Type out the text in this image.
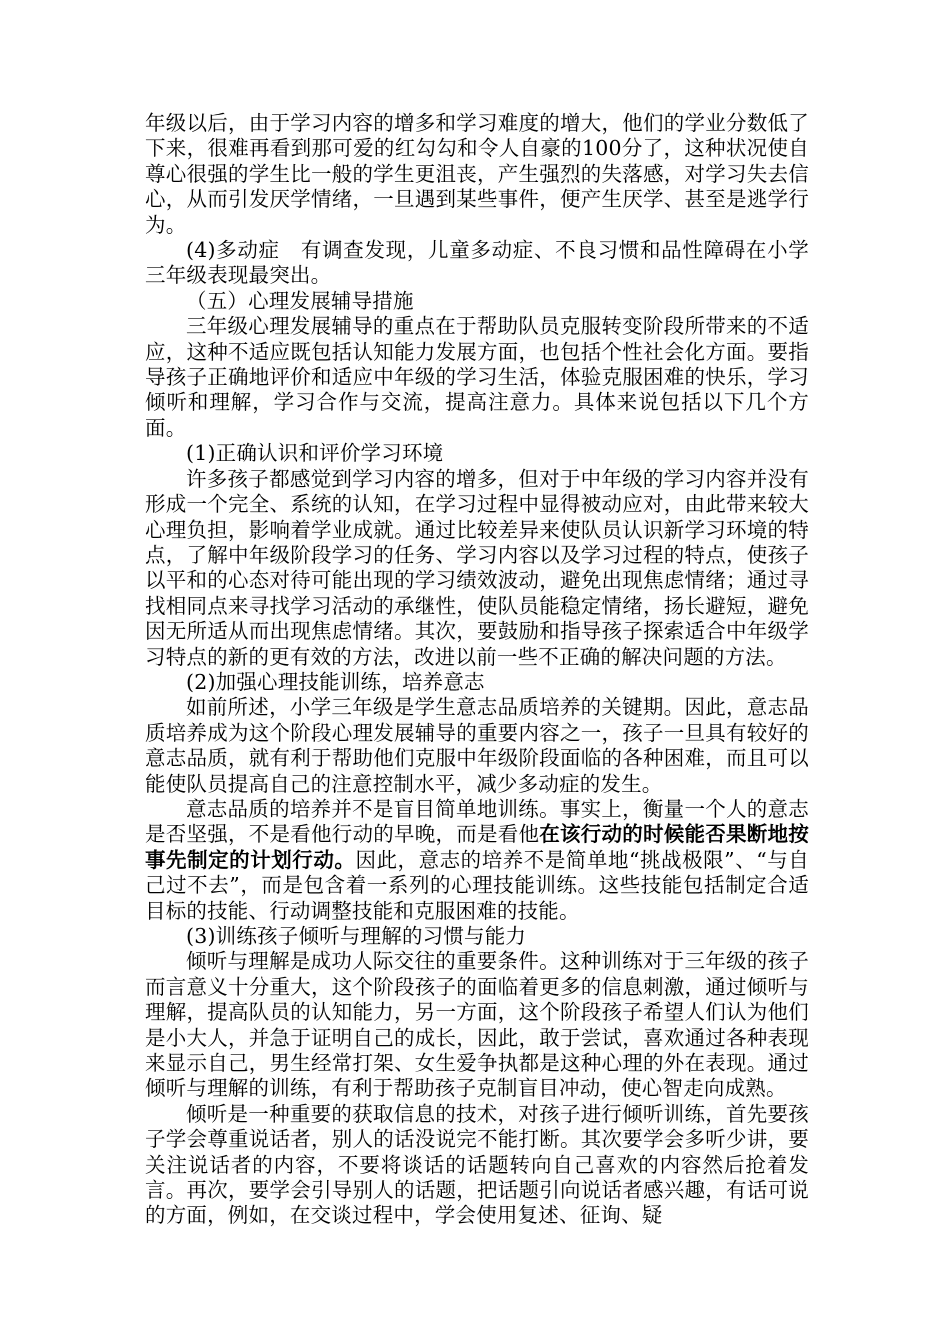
年级以后，由于学习内容的增多和学习难度的增大，他们的学业分数低了下来，很难再看到那可爱的红勾勾和令人自豪的100分了，这种状况使自尊心很强的学生比一般的学生更沮丧，产生强烈的失落感，对学习失去信心，从而引发厌学情绪，一旦遇到某些事件，便产生厌学、甚至是逃学行为。

(4)多动症　有调查发现，儿童多动症、不良习惯和品性障碍在小学三年级表现最突出。

（五）心理发展辅导措施

三年级心理发展辅导的重点在于帮助队员克服转变阶段所带来的不适应，这种不适应既包括认知能力发展方面，也包括个性社会化方面。要指导孩子正确地评价和适应中年级的学习生活，体验克服困难的快乐，学习倾听和理解，学习合作与交流，提高注意力。具体来说包括以下几个方面。

(1)正确认识和评价学习环境

许多孩子都感觉到学习内容的增多，但对于中年级的学习内容并没有形成一个完全、系统的认知，在学习过程中显得被动应对，由此带来较大心理负担，影响着学业成就。通过比较差异来使队员认识新学习环境的特点，了解中年级阶段学习的任务、学习内容以及学习过程的特点，使孩子以平和的心态对待可能出现的学习绩效波动，避免出现焦虑情绪；通过寻找相同点来寻找学习活动的承继性，使队员能稳定情绪，扬长避短，避免因无所适从而出现焦虑情绪。其次，要鼓励和指导孩子探索适合中年级学习特点的新的更有效的方法，改进以前一些不正确的解决问题的方法。

(2)加强心理技能训练，培养意志

如前所述，小学三年级是学生意志品质培养的关键期。因此，意志品质培养成为这个阶段心理发展辅导的重要内容之一，孩子一旦具有较好的意志品质，就有利于帮助他们克服中年级阶段面临的各种困难，而且可以能使队员提高自己的注意控制水平，减少多动症的发生。

意志品质的培养并不是盲目简单地训练。事实上，衡量一个人的意志是否坚强，不是看他行动的早晚，而是看他在该行动的时候能否果断地按事先制定的计划行动。因此，意志的培养不是简单地“挑战极限”、“与自己过不去”，而是包含着一系列的心理技能训练。这些技能包括制定合适目标的技能、行动调整技能和克服困难的技能。

(3)训练孩子倾听与理解的习惯与能力

倾听与理解是成功人际交往的重要条件。这种训练对于三年级的孩子而言意义十分重大，这个阶段孩子的面临着更多的信息刺激，通过倾听与理解，提高队员的认知能力，另一方面，这个阶段孩子希望人们认为他们是小大人，并急于证明自己的成长，因此，敢于尝试，喜欢通过各种表现来显示自己，男生经常打架、女生爱争执都是这种心理的外在表现。通过倾听与理解的训练，有利于帮助孩子克制盲目冲动，使心智走向成熟。

倾听是一种重要的获取信息的技术，对孩子进行倾听训练，首先要孩子学会尊重说话者，别人的话没说完不能打断。其次要学会多听少讲，要关注说话者的内容，不要将谈话的话题转向自己喜欢的内容然后抢着发言。再次，要学会引导别人的话题，把话题引向说话者感兴趣，有话可说的方面，例如，在交谈过程中，学会使用复述、征询、疑
